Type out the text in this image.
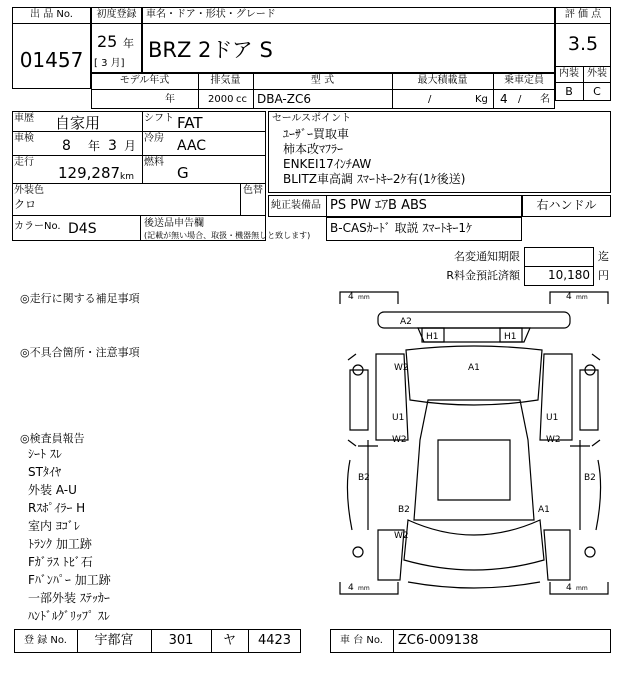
出 品 No.
01457
初度登録
25 年
[ 3 月]
車名・ドア・形状・グレード
BRZ 2ドア S
評 価 点
3.5
内装 外装
B	C
モデル年式
年
排気量
2000 cc
型 式
DBA-ZC6
最大積載量
/	Kg
乗車定員
4 / 名
車歴 自家用	シフト FAT
車検 8 年 3 月
冷房 AAC
走行
129,287 km
燃料
G
外装色
クロ
色替
カラーNo. D4S	後送品申告欄
(記載が無い場合、取扱・機器無しと致します)
セールスポイント
ﾕｰｻﾞｰ買取車
柿本改ﾏﾌﾗｰ
ENKEI17ｲﾝﾁAW
BLITZ車高調 ｽﾏｰﾄｷｰ2ｹ有(1ｹ後送)
純正装備品 PS PW ｴｱB ABS	右ハンドル
B-CASｶｰﾄﾞ 取説 ｽﾏｰﾄｷｰ1ｹ
名変通知期限	迄
R料金預託済額	10,180 円
◎走行に関する補足事項
◎不具合箇所・注意事項
◎検査員報告
ｼｰﾄ ｽﾚ
STﾀｲﾔ
外装 A-U
Rｽﾎﾟｲﾗｰ H
室内 ﾖｺﾞﾚ
ﾄﾗﾝｸ 加工跡
Fｶﾞﾗｽ ﾄﾋﾞ石
Fﾊﾞﾝﾊﾟｰ 加工跡
一部外装 ｽﾃｯｶｰ
ﾊﾝﾄﾞﾙｸﾞﾘｯﾌﾟ ｽﾚ
4 mm	4 mm
4 mm	4 mm
A2
H1	H1
W2	A1
U1
W2
U1
W2
B2	B2
B2	A1
W2
登 録 No.	宇都宮	301	ヤ	4423	車 台 No.	ZC6-009138
